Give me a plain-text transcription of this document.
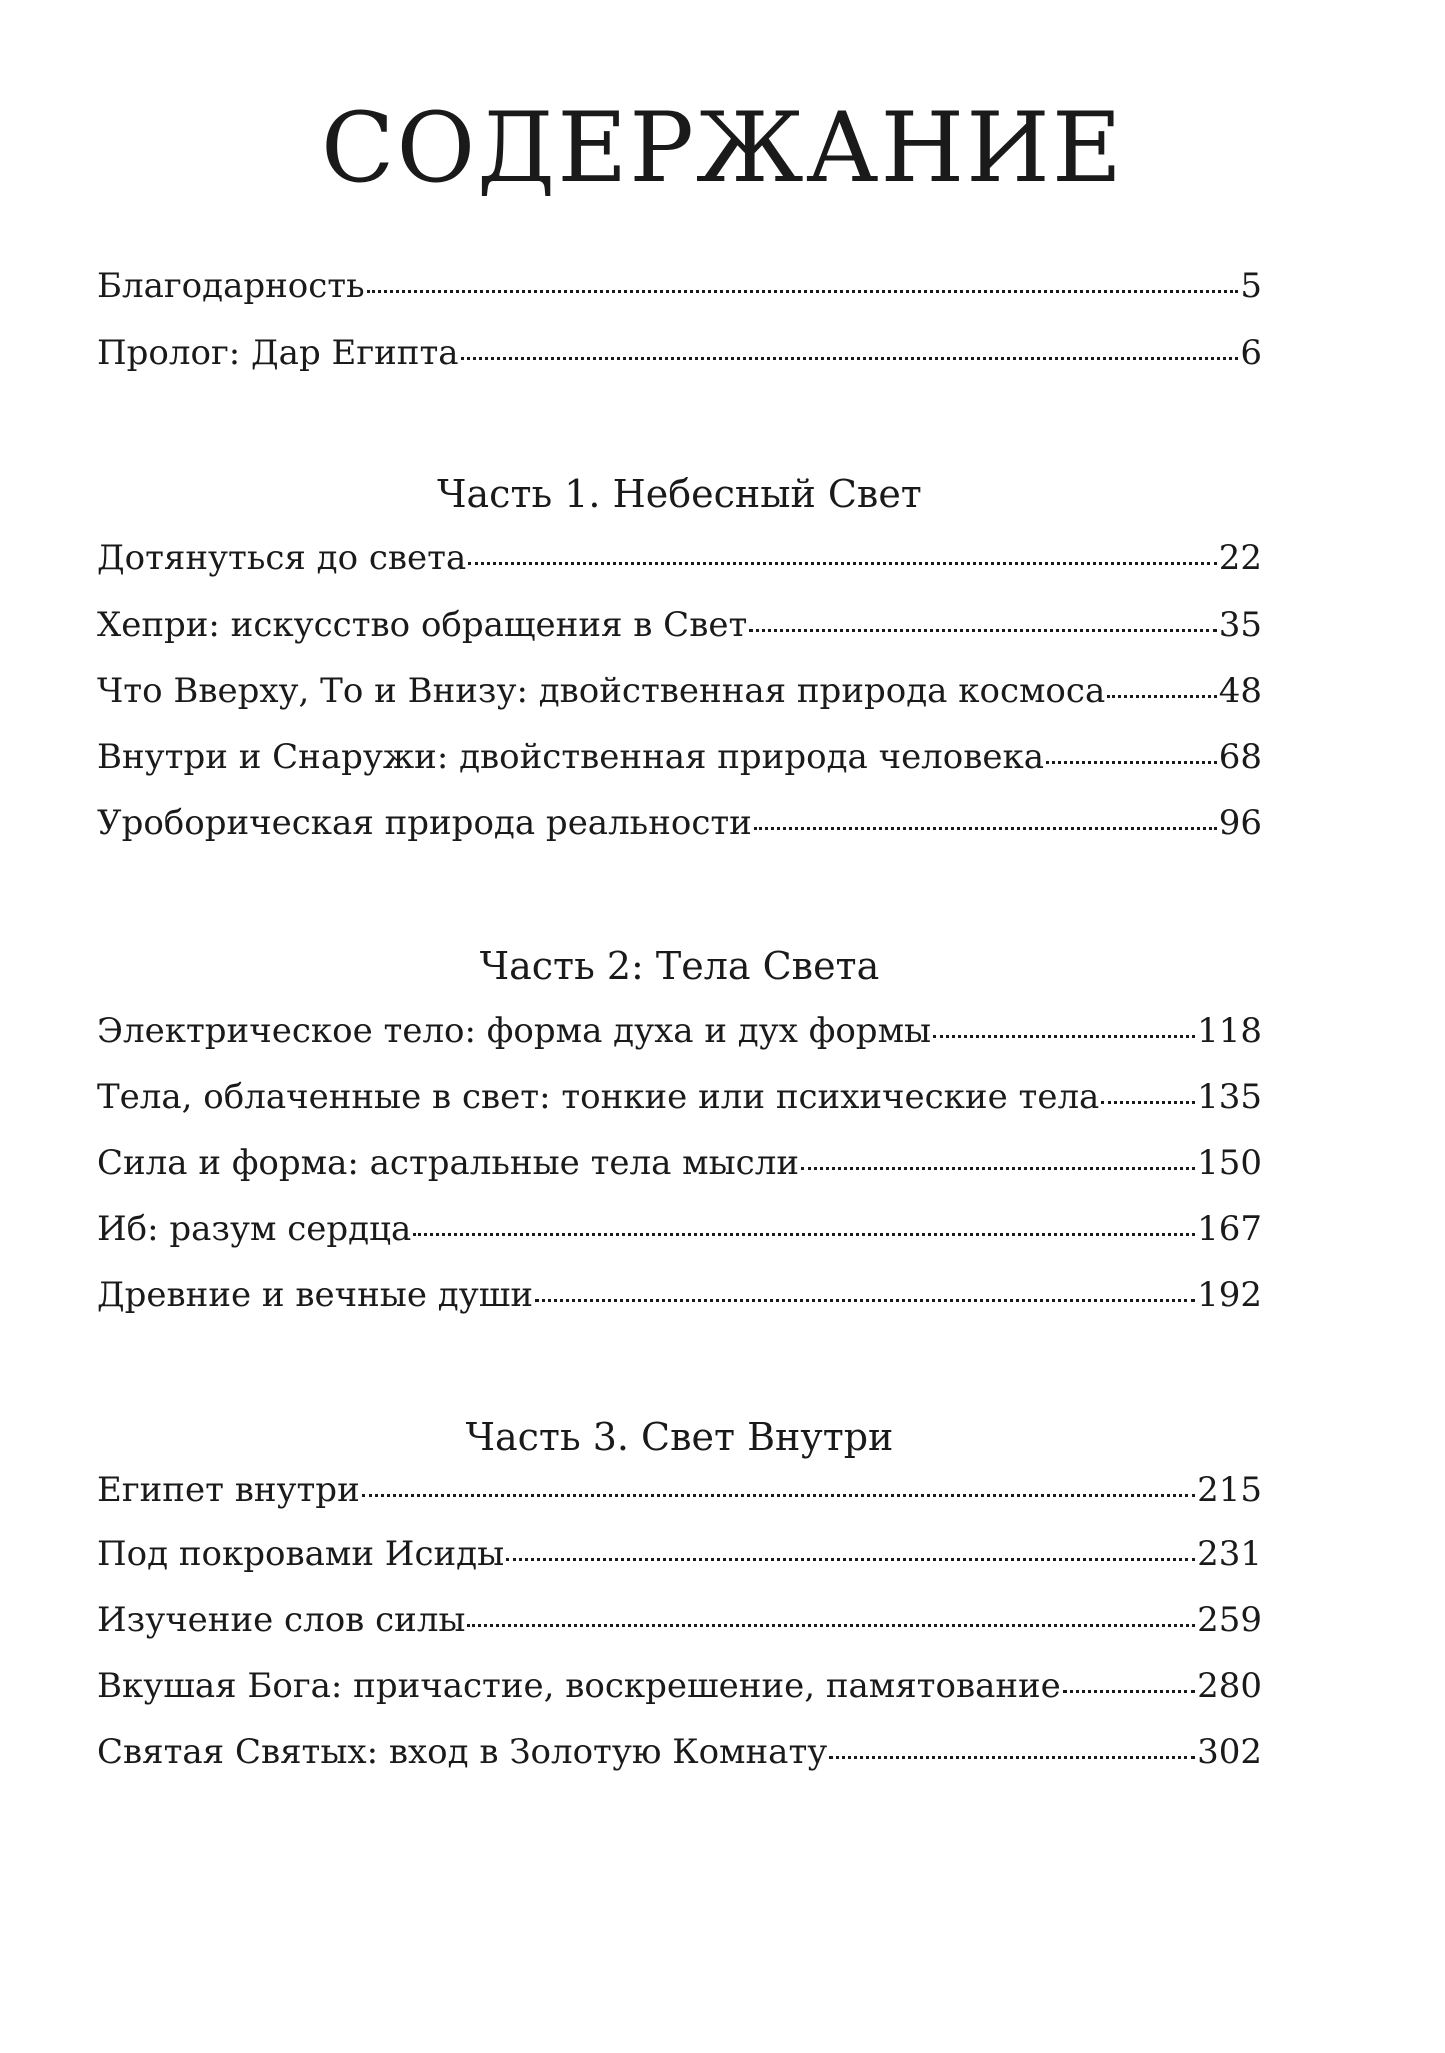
СОДЕРЖАНИЕ
Благодарность	5
Пролог: Дар Египта	6
Часть 1. Небесный Свет
Дотянуться до света	22
Хепри: искусство обращения в Свет	35
Что Вверху, То и Внизу: двойственная природа космоса	48
Внутри и Снаружи: двойственная природа человека	68
Уроборическая природа реальности	96
Часть 2: Тела Света
Электрическое тело: форма духа и дух формы	118
Тела, облаченные в свет: тонкие или психические тела	135
Сила и форма: астральные тела мысли	150
Иб: разум сердца	167
Древние и вечные души	192
Часть 3. Свет Внутри
Египет внутри	215
Под покровами Исиды	231
Изучение слов силы	259
Вкушая Бога: причастие, воскрешение, памятование	280
Святая Святых: вход в Золотую Комнату	302
